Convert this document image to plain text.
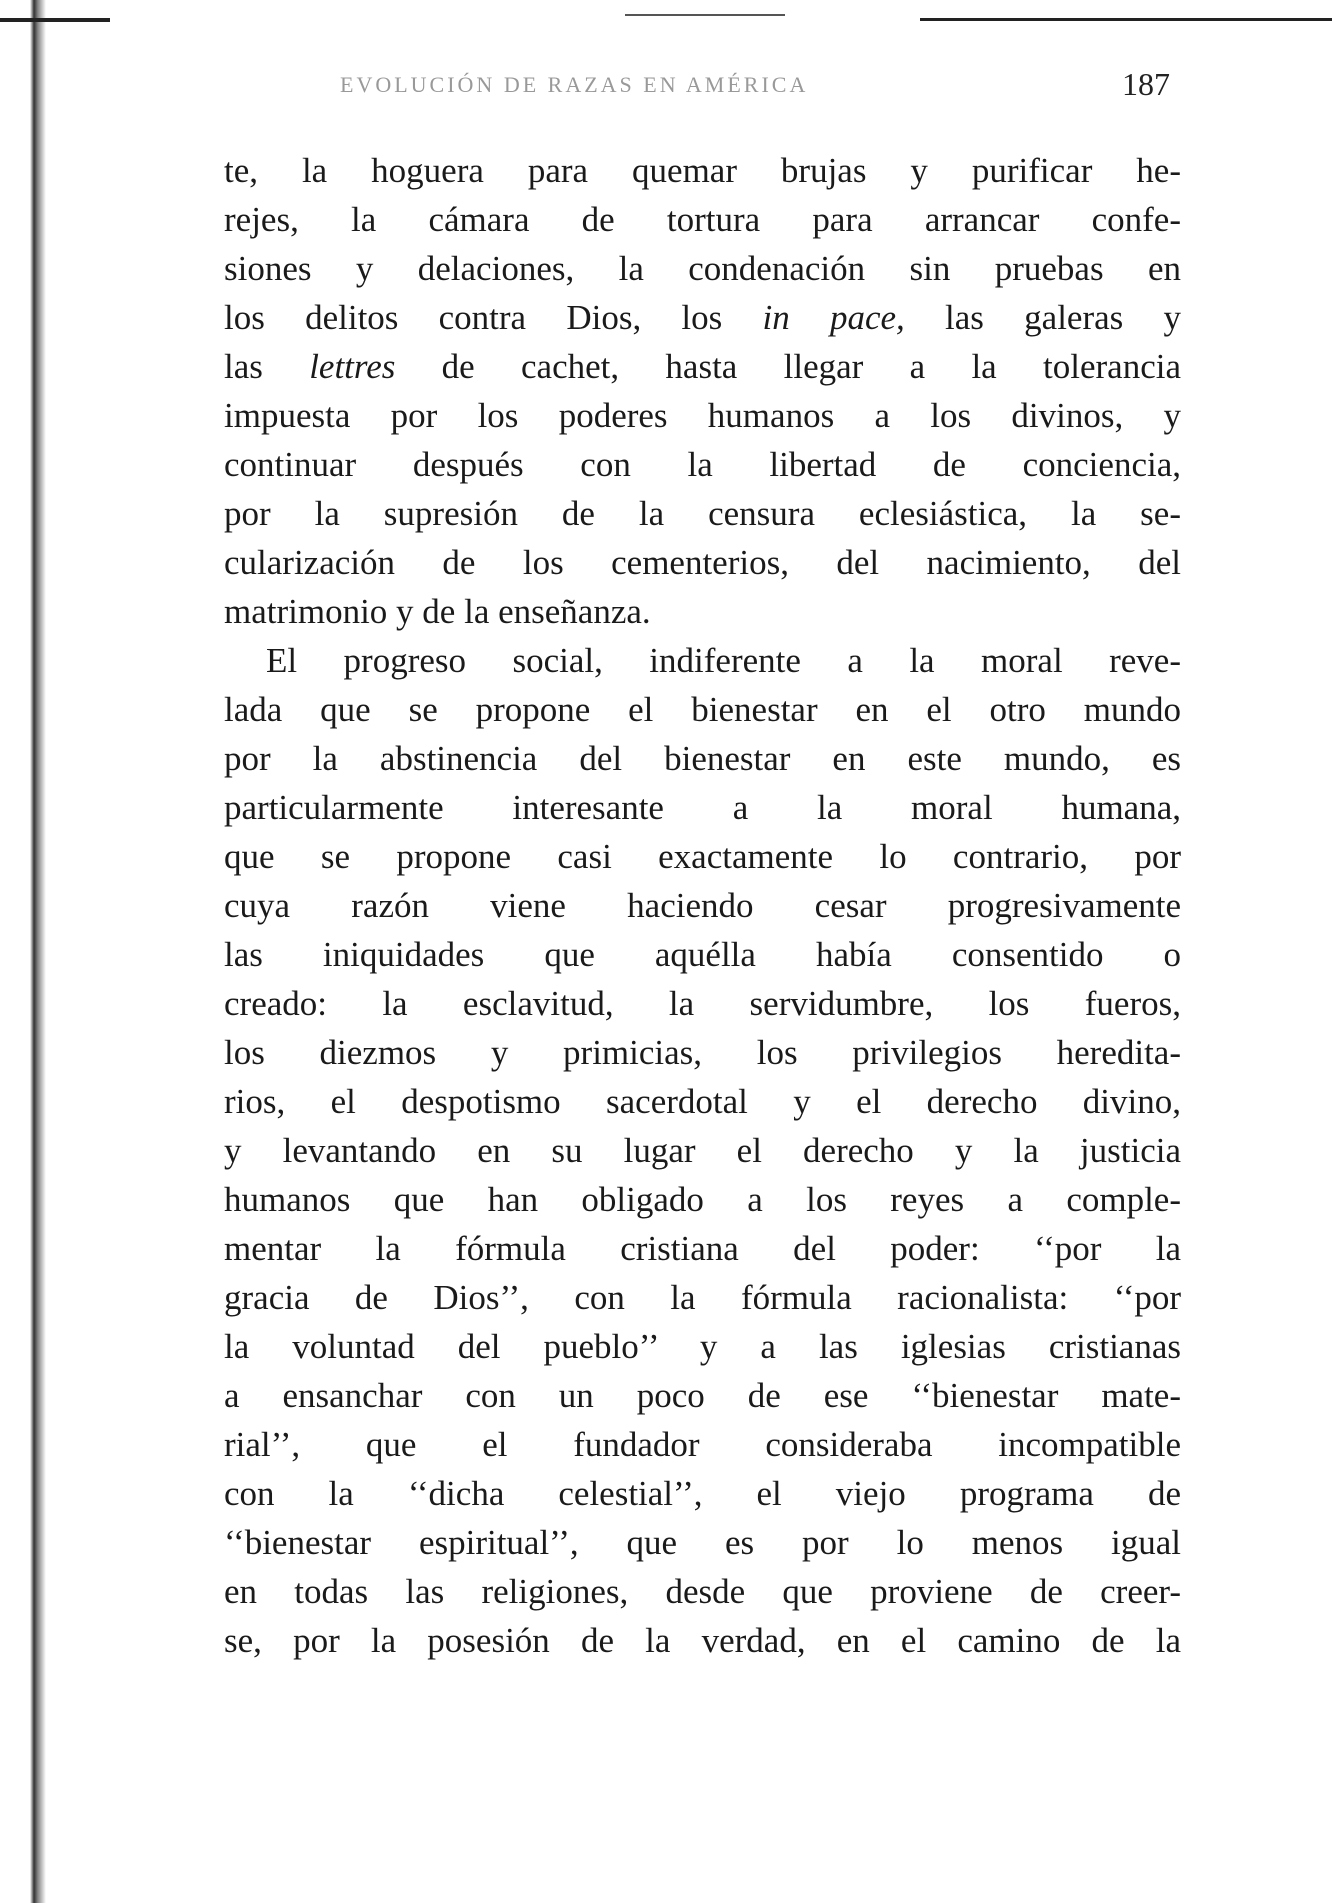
EVOLUCIÓN DE RAZAS EN AMÉRICA	187
te, la hoguera para quemar brujas y purificar he-
rejes, la cámara de tortura para arrancar confe-
siones y delaciones, la condenación sin pruebas en
los delitos contra Dios, los in pace, las galeras y
las lettres de cachet, hasta llegar a la tolerancia
impuesta por los poderes humanos a los divinos, y
continuar después con la libertad de conciencia,
por la supresión de la censura eclesiástica, la se-
cularización de los cementerios, del nacimiento, del
matrimonio y de la enseñanza.
El progreso social, indiferente a la moral reve-
lada que se propone el bienestar en el otro mundo
por la abstinencia del bienestar en este mundo, es
particularmente interesante a la moral humana,
que se propone casi exactamente lo contrario, por
cuya razón viene haciendo cesar progresivamente
las iniquidades que aquélla había consentido o
creado: la esclavitud, la servidumbre, los fueros,
los diezmos y primicias, los privilegios heredita-
rios, el despotismo sacerdotal y el derecho divino,
y levantando en su lugar el derecho y la justicia
humanos que han obligado a los reyes a comple-
mentar la fórmula cristiana del poder: ‘‘por la
gracia de Dios’’, con la fórmula racionalista: ‘‘por
la voluntad del pueblo’’ y a las iglesias cristianas
a ensanchar con un poco de ese ‘‘bienestar mate-
rial’’, que el fundador consideraba incompatible
con la ‘‘dicha celestial’’, el viejo programa de
‘‘bienestar espiritual’’, que es por lo menos igual
en todas las religiones, desde que proviene de creer-
se, por la posesión de la verdad, en el camino de la
